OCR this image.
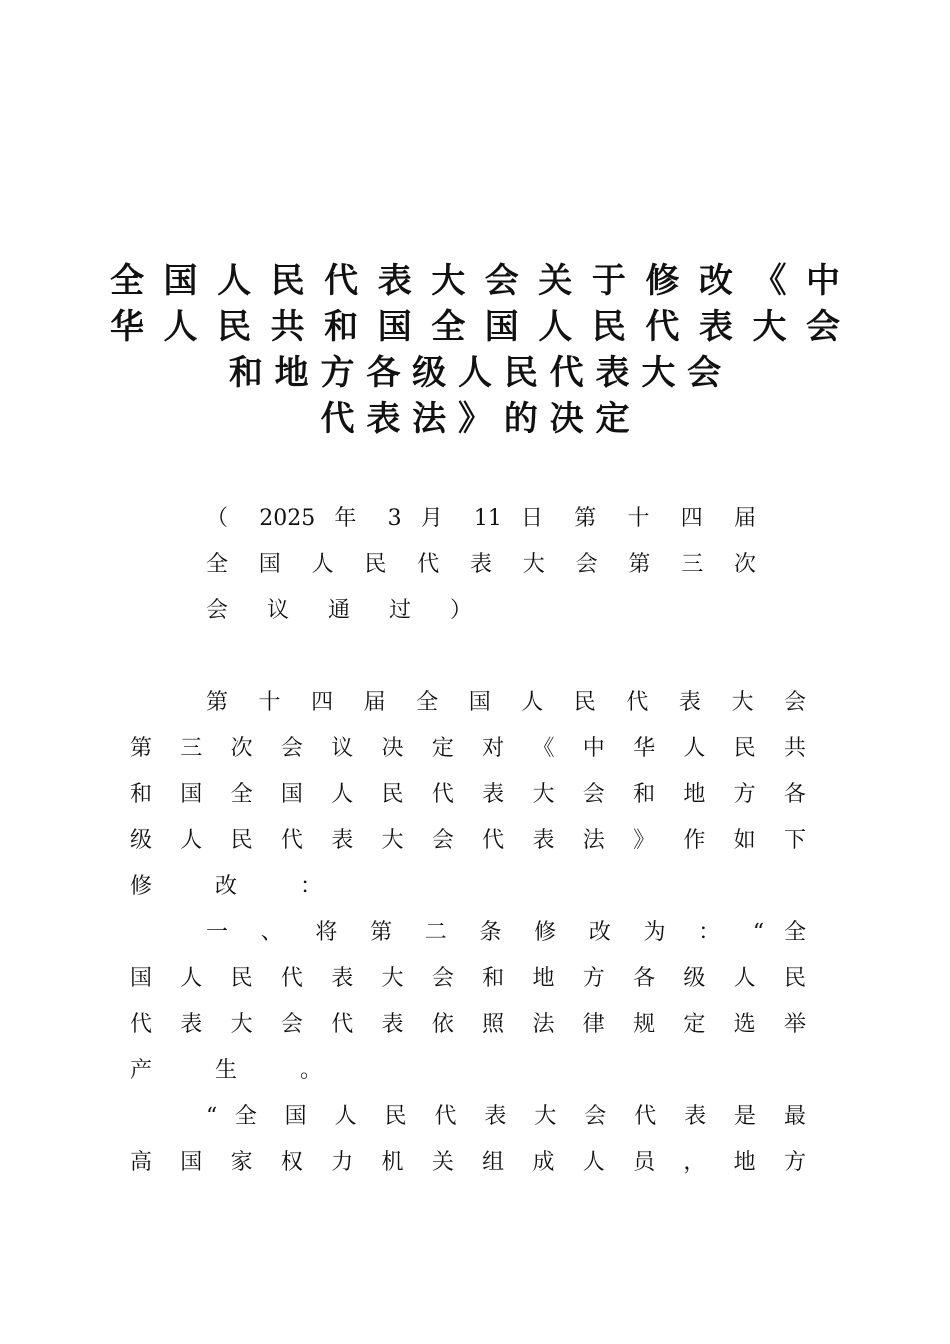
全 国 人 民 代 表 大 会 关 于 修 改 《 中
华 人 民 共 和 国 全 国 人 民 代 表 大 会
和 地 方 各 级 人 民 代 表 大 会
代 表 法 》 的 决 定
（ 2025 年 3 月 11 日 第 十 四 届
全 国 人 民 代 表 大 会 第 三 次
会 议 通 过 ）
第 十 四 届 全 国 人 民 代 表 大 会
第 三 次 会 议 决 定 对 《 中 华 人 民 共
和 国 全 国 人 民 代 表 大 会 和 地 方 各
级 人 民 代 表 大 会 代 表 法 》 作 如 下
修 改 ：
一 、 将 第 二 条 修 改 为 ： “ 全
国 人 民 代 表 大 会 和 地 方 各 级 人 民
代 表 大 会 代 表 依 照 法 律 规 定 选 举
产 生 。
“ 全 国 人 民 代 表 大 会 代 表 是 最
高 国 家 权 力 机 关 组 成 人 员 ， 地 方
